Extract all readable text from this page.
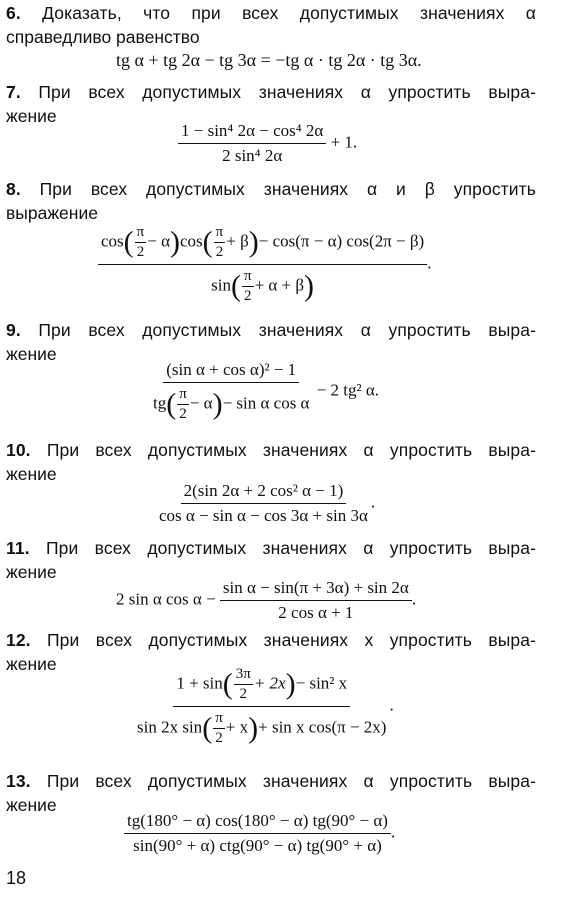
6. Доказать, что при всех допустимых значениях α
справедливо равенство
tg α + tg 2α − tg 3α = −tg α · tg 2α · tg 3α.
7. При всех допустимых значениях α упростить выра-
жение
$\frac{\text{1 − sin⁴ 2α − cos⁴ 2α}}{\text{2 sin⁴ 2α}} + 1$.
8. При всех допустимых значениях α и β упростить
выражение
$\frac{\cos( \frac{\pi}{2} - \alpha)\cos( \frac{\pi}{2} + \beta)- \cos(\pi - \alpha) \cos(2\pi - \beta)}{\sin( \frac{\pi}{2} + \alpha + \beta)}$ .
9. При всех допустимых значениях α упростить выра-
жение
$\frac{\text{(sin α + cos α)² − 1}}{tg( \frac{\pi}{2} - \alpha)- \sin \alpha \cos \alpha} - 2$ tg² α.
10. При всех допустимых значениях α упростить выра-
жение
$\frac{\text{2(sin 2α + 2 cos² α − 1)}}{\text{cos α − sin α − cos 3α + sin 3α}}$ .
11. При всех допустимых значениях α упростить выра-
жение
2 sin α $\cos \alpha - \frac{\text{sin α − sin(π + 3α) + sin 2α}}{\text{2 cos α + 1}}$ .
12. При всех допустимых значениях x упростить выра-
жение
$\frac{1 + \sin( \frac{3\pi}{2} + 2x)- \sin^2 x}{\sin 2x \sin( \frac{\pi}{2} + x)+ \sin x \cos(\pi - 2x)}$ .
13. При всех допустимых значениях α упростить выра-
жение
$\frac{tg(180^\circ - \alpha) \cos(180^\circ - \alpha) tg(90^\circ - \alpha)}{\text{sin(90° + α) ctg(90° − α) tg(90° + α)}}$ .
18
